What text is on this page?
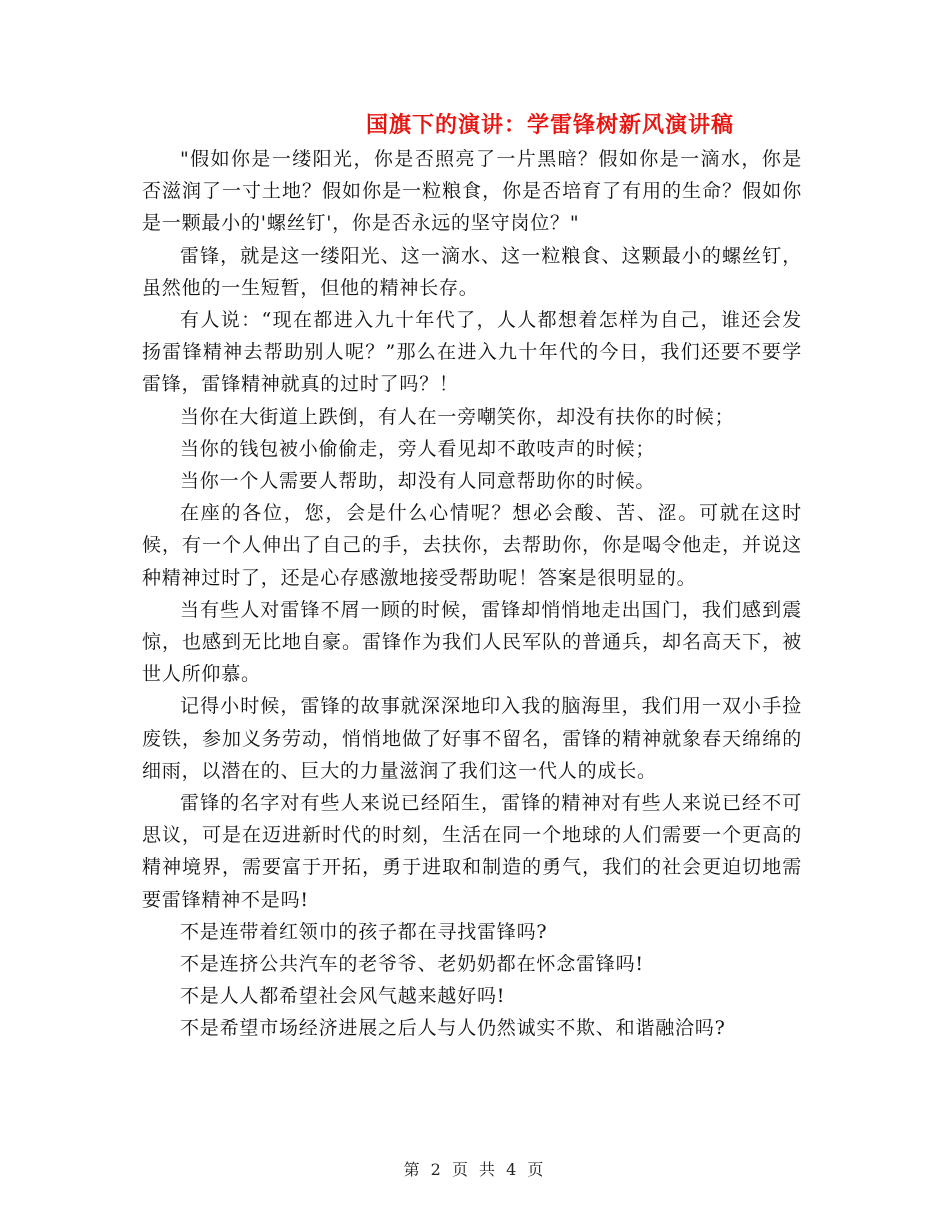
国旗下的演讲：学雷锋树新风演讲稿

"假如你是一缕阳光，你是否照亮了一片黑暗？假如你是一滴水，你是否滋润了一寸土地？假如你是一粒粮食，你是否培育了有用的生命？假如你是一颗最小的'螺丝钉'，你是否永远的坚守岗位？"

雷锋，就是这一缕阳光、这一滴水、这一粒粮食、这颗最小的螺丝钉，虽然他的一生短暂，但他的精神长存。

有人说：“现在都进入九十年代了，人人都想着怎样为自己，谁还会发扬雷锋精神去帮助别人呢？”那么在进入九十年代的今日，我们还要不要学雷锋，雷锋精神就真的过时了吗？！

当你在大街道上跌倒，有人在一旁嘲笑你，却没有扶你的时候；

当你的钱包被小偷偷走，旁人看见却不敢吱声的时候；

当你一个人需要人帮助，却没有人同意帮助你的时候。

在座的各位，您，会是什么心情呢？想必会酸、苦、涩。可就在这时候，有一个人伸出了自己的手，去扶你，去帮助你，你是喝令他走，并说这种精神过时了，还是心存感激地接受帮助呢！答案是很明显的。

当有些人对雷锋不屑一顾的时候，雷锋却悄悄地走出国门，我们感到震惊，也感到无比地自豪。雷锋作为我们人民军队的普通兵，却名高天下，被世人所仰慕。

记得小时候，雷锋的故事就深深地印入我的脑海里，我们用一双小手捡废铁，参加义务劳动，悄悄地做了好事不留名，雷锋的精神就象春天绵绵的细雨，以潜在的、巨大的力量滋润了我们这一代人的成长。

雷锋的名字对有些人来说已经陌生，雷锋的精神对有些人来说已经不可思议，可是在迈进新时代的时刻，生活在同一个地球的人们需要一个更高的精神境界，需要富于开拓，勇于进取和制造的勇气，我们的社会更迫切地需要雷锋精神不是吗!

不是连带着红领巾的孩子都在寻找雷锋吗?

不是连挤公共汽车的老爷爷、老奶奶都在怀念雷锋吗!

不是人人都希望社会风气越来越好吗!

不是希望市场经济进展之后人与人仍然诚实不欺、和谐融洽吗?

第 2 页 共 4 页
